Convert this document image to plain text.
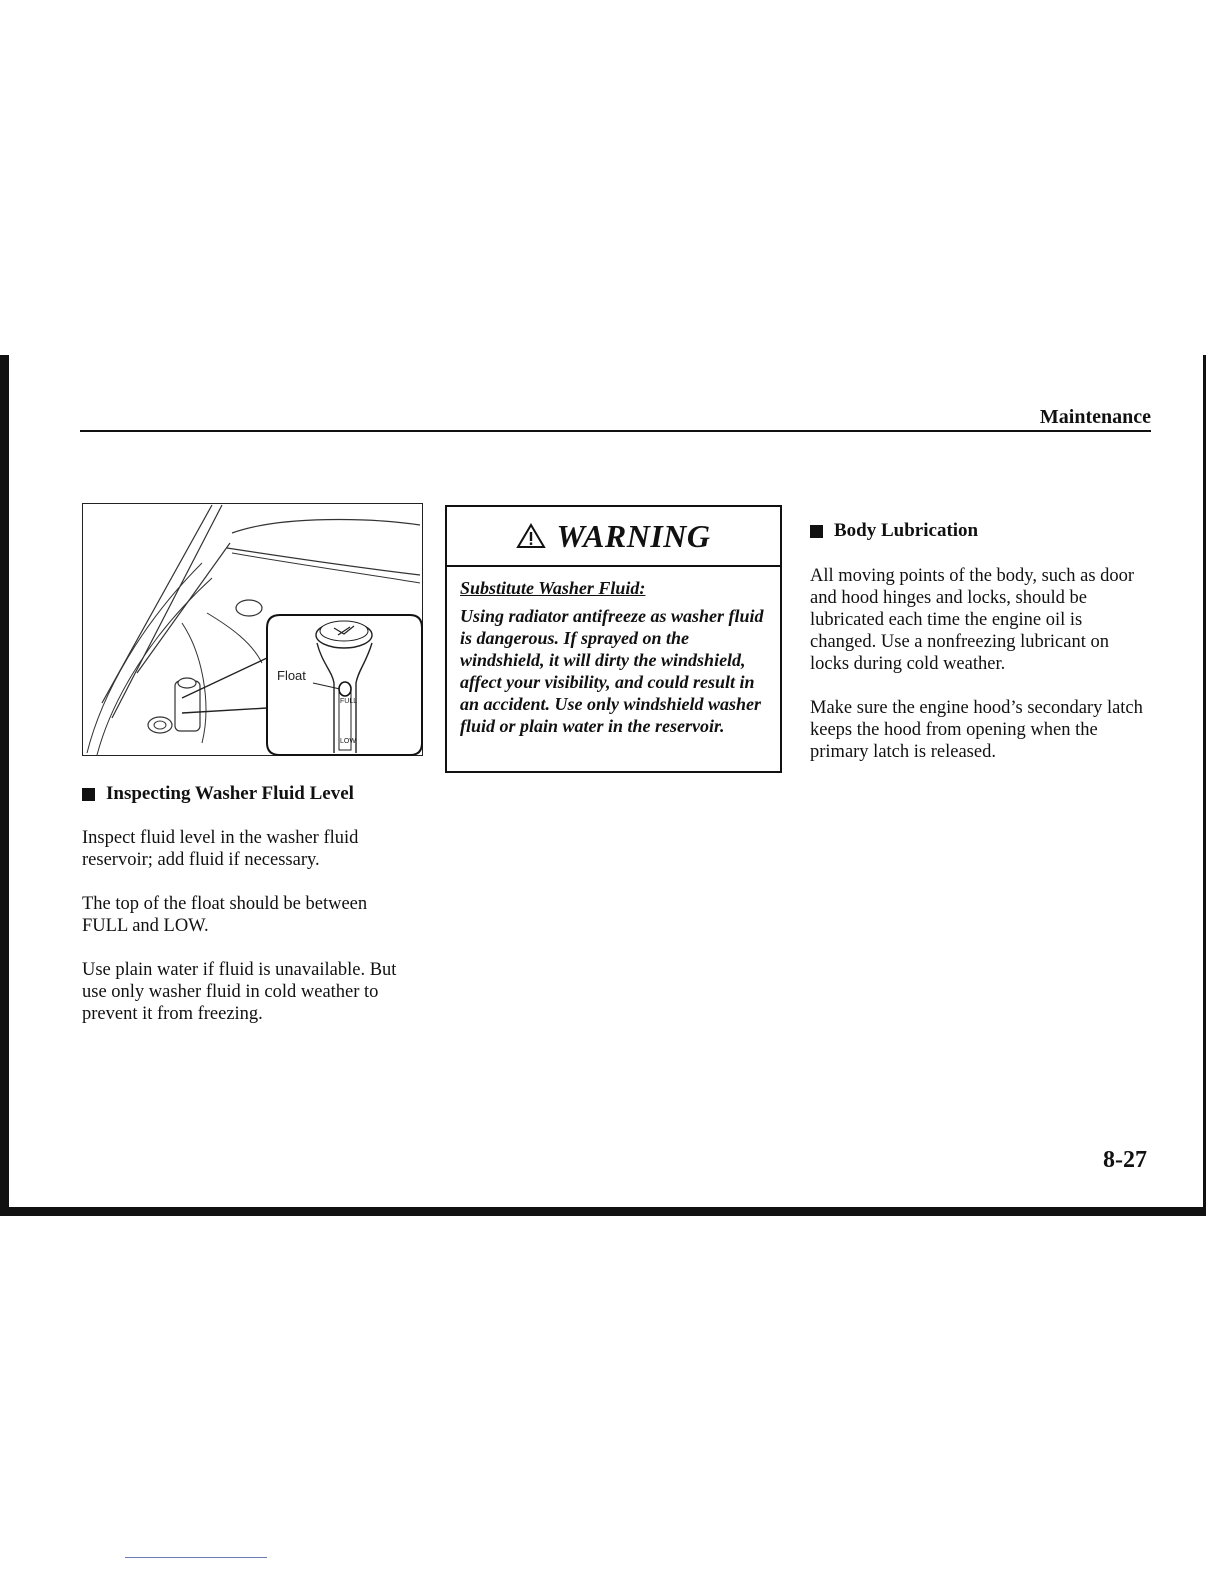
Maintenance
FULL
LOW
Float
Inspecting Washer Fluid Level

Inspect fluid level in the washer fluid reservoir; add fluid if necessary.

The top of the float should be between FULL and LOW.

Use plain water if fluid is unavailable. But use only washer fluid in cold weather to prevent it from freezing.

WARNING
Substitute Washer Fluid:
Using radiator antifreeze as washer fluid is dangerous. If sprayed on the windshield, it will dirty the windshield, affect your visibility, and could result in an accident. Use only windshield washer fluid or plain water in the reservoir.
Body Lubrication

All moving points of the body, such as door and hood hinges and locks, should be lubricated each time the engine oil is changed. Use a nonfreezing lubricant on locks during cold weather.

Make sure the engine hood’s secondary latch keeps the hood from opening when the primary latch is released.

8-27
